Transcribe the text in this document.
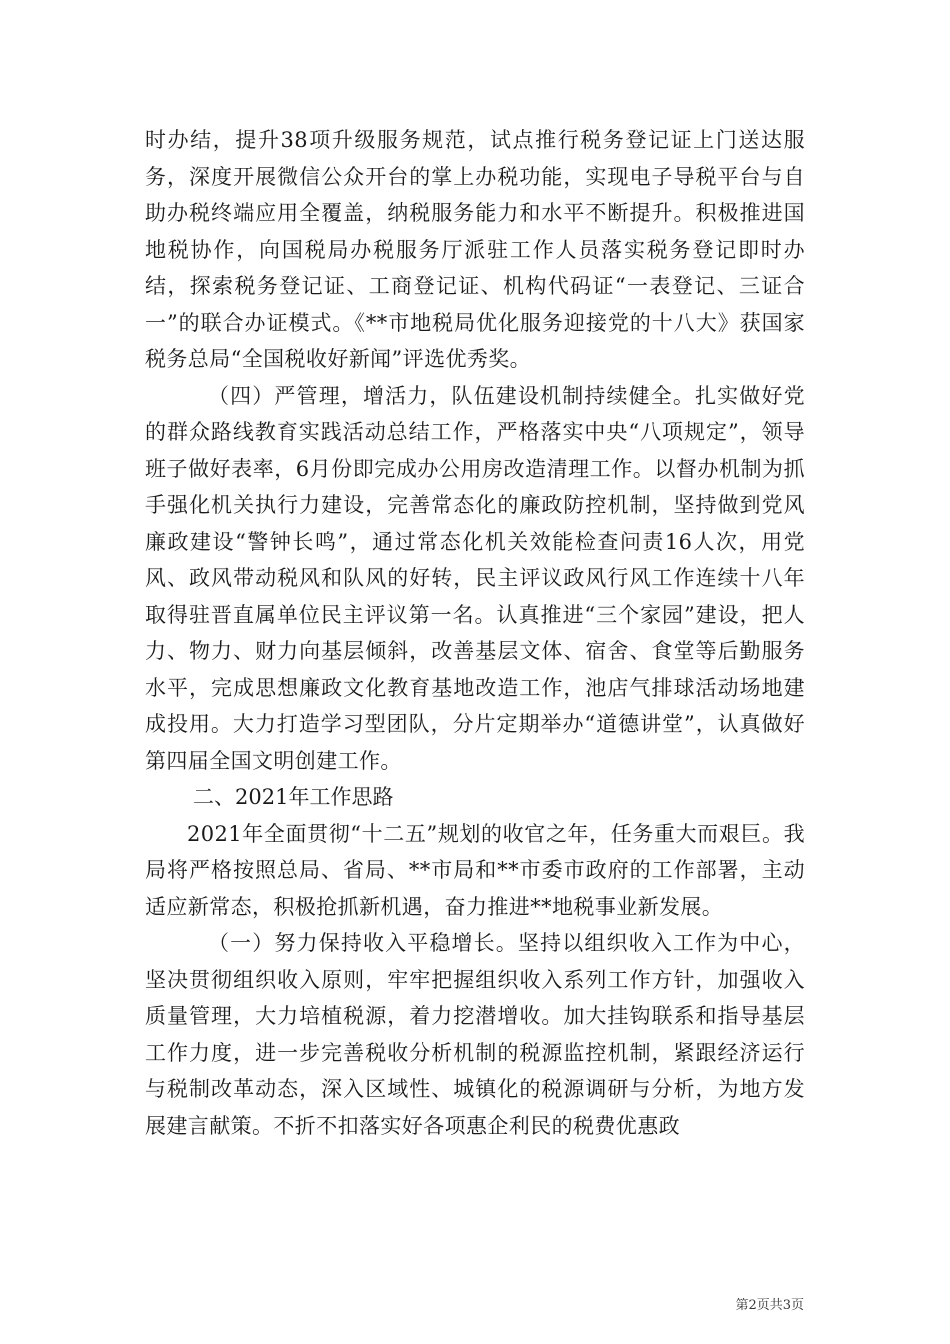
时办结，提升38项升级服务规范，试点推行税务登记证上门送达服务，深度开展微信公众开台的掌上办税功能，实现电子导税平台与自助办税终端应用全覆盖，纳税服务能力和水平不断提升。积极推进国地税协作，向国税局办税服务厅派驻工作人员落实税务登记即时办结，探索税务登记证、工商登记证、机构代码证“一表登记、三证合一”的联合办证模式。《**市地税局优化服务迎接党的十八大》获国家税务总局“全国税收好新闻”评选优秀奖。

（四）严管理，增活力，队伍建设机制持续健全。扎实做好党的群众路线教育实践活动总结工作，严格落实中央“八项规定”，领导班子做好表率，6月份即完成办公用房改造清理工作。以督办机制为抓手强化机关执行力建设，完善常态化的廉政防控机制，坚持做到党风廉政建设“警钟长鸣”，通过常态化机关效能检查问责16人次，用党风、政风带动税风和队风的好转，民主评议政风行风工作连续十八年取得驻晋直属单位民主评议第一名。认真推进“三个家园”建设，把人力、物力、财力向基层倾斜，改善基层文体、宿舍、食堂等后勤服务水平，完成思想廉政文化教育基地改造工作，池店气排球活动场地建成投用。大力打造学习型团队，分片定期举办“道德讲堂”，认真做好第四届全国文明创建工作。

二、2021年工作思路

2021年全面贯彻“十二五”规划的收官之年，任务重大而艰巨。我局将严格按照总局、省局、**市局和**市委市政府的工作部署，主动适应新常态，积极抢抓新机遇，奋力推进**地税事业新发展。

（一）努力保持收入平稳增长。坚持以组织收入工作为中心，坚决贯彻组织收入原则，牢牢把握组织收入系列工作方针，加强收入质量管理，大力培植税源，着力挖潜增收。加大挂钩联系和指导基层工作力度，进一步完善税收分析机制的税源监控机制，紧跟经济运行与税制改革动态，深入区域性、城镇化的税源调研与分析，为地方发展建言献策。不折不扣落实好各项惠企利民的税费优惠政

第2页共3页
